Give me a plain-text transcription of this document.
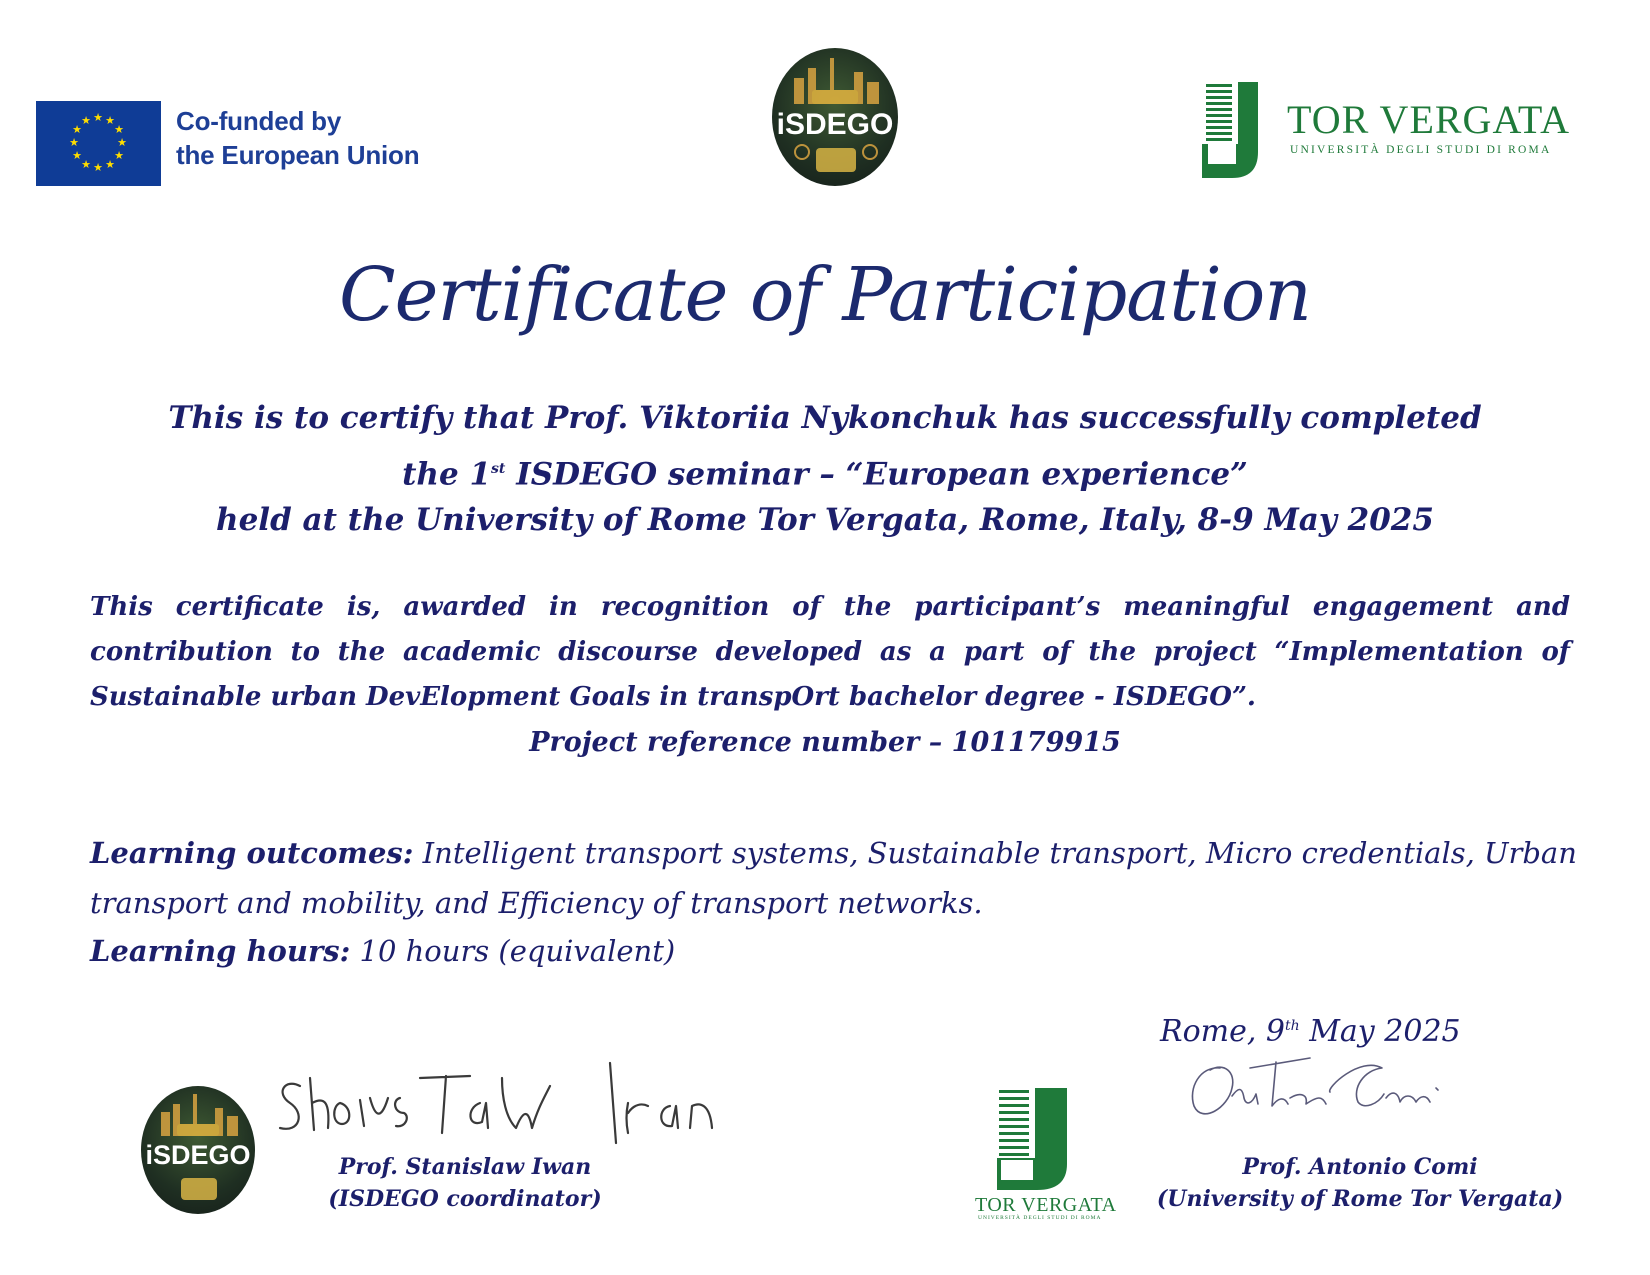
★ ★
★
★
★
★
★
★
★
★
★
★	Co-funded by
the European Union
iSDEGO	TOR VERGATA
UNIVERSITÀ DEGLI STUDI DI ROMA
Certificate of Participation
This is to certify that Prof. Viktoriia Nykonchuk has successfully completed
the 1st ISDEGO seminar – “European experience”
held at the University of Rome Tor Vergata, Rome, Italy, 8-9 May 2025
This certificate is, awarded in recognition of the participant’s meaningful engagement and
contribution to the academic discourse developed as a part of the project “Implementation of
Sustainable urban DevElopment Goals in transpOrt bachelor degree - ISDEGO”.
Project reference number – 101179915
Learning outcomes: Intelligent transport systems, Sustainable transport, Micro credentials, Urban transport and mobility, and Efficiency of transport networks.
Learning hours: 10 hours (equivalent)
Rome, 9th May 2025
iSDEGO	Prof. Stanislaw Iwan
(ISDEGO coordinator)	TOR VERGATA
UNIVERSITÀ DEGLI STUDI DI ROMA
Prof. Antonio Comi
(University of Rome Tor Vergata)
